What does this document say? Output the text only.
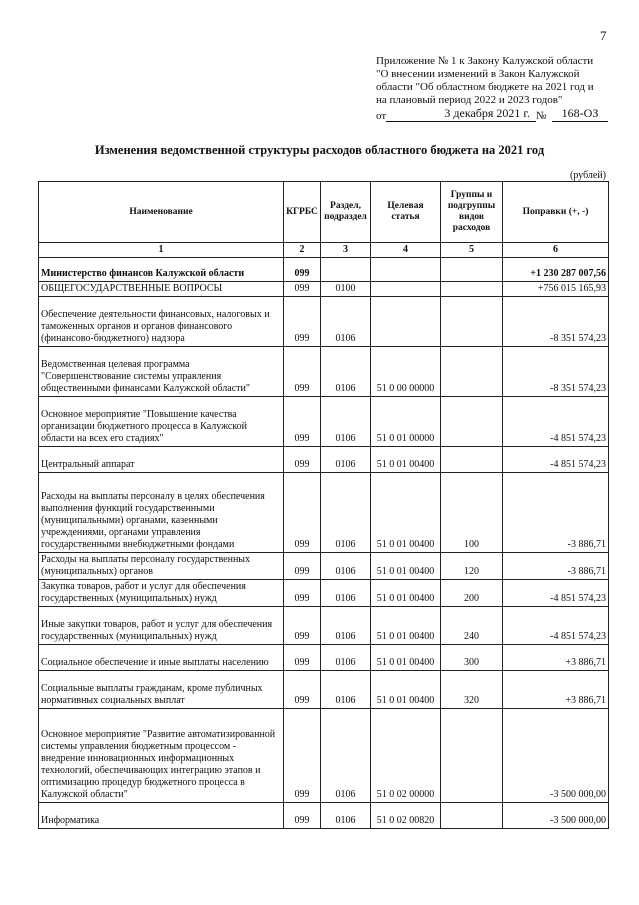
7
Приложение № 1 к Закону Калужской области
"О внесении изменений в Закон Калужской
области "Об областном бюджете на 2021 год и
на плановый период 2022 и 2023 годов"
от	3 декабря 2021 г. №	168-ОЗ
Изменения ведомственной структуры расходов областного бюджета на 2021 год
(рублей)
Наименование	КГРБС	Раздел, подраздел	Целевая статья	Группы и подгруппы видов расходов	Поправки (+, -)
1	2	3	4	5	6
Министерство финансов Калужской области	099				+1 230 287 007,56
ОБЩЕГОСУДАРСТВЕННЫЕ ВОПРОСЫ	099	0100			+756 015 165,93
Обеспечение деятельности финансовых, налоговых и таможенных органов и органов финансового (финансово-бюджетного) надзора	099	0106			-8 351 574,23
Ведомственная целевая программа "Совершенствование системы управления общественными финансами Калужской области"	099	0106	51 0 00 00000		-8 351 574,23
Основное мероприятие "Повышение качества организации бюджетного процесса в Калужской области на всех его стадиях"	099	0106	51 0 01 00000		-4 851 574,23
Центральный аппарат	099	0106	51 0 01 00400		-4 851 574,23
Расходы на выплаты персоналу в целях обеспечения выполнения функций государственными (муниципальными) органами, казенными учреждениями, органами управления государственными внебюджетными фондами	099	0106	51 0 01 00400	100	-3 886,71
Расходы на выплаты персоналу государственных (муниципальных) органов	099	0106	51 0 01 00400	120	-3 886,71
Закупка товаров, работ и услуг для обеспечения государственных (муниципальных) нужд	099	0106	51 0 01 00400	200	-4 851 574,23
Иные закупки товаров, работ и услуг для обеспечения государственных (муниципальных) нужд	099	0106	51 0 01 00400	240	-4 851 574,23
Социальное обеспечение и иные выплаты населению	099	0106	51 0 01 00400	300	+3 886,71
Социальные выплаты гражданам, кроме публичных нормативных социальных выплат	099	0106	51 0 01 00400	320	+3 886,71
Основное мероприятие "Развитие автоматизированной системы управления бюджетным процессом - внедрение инновационных информационных технологий, обеспечивающих интеграцию этапов и оптимизацию процедур бюджетного процесса в Калужской области"	099	0106	51 0 02 00000		-3 500 000,00
Информатика	099	0106	51 0 02 00820		-3 500 000,00
